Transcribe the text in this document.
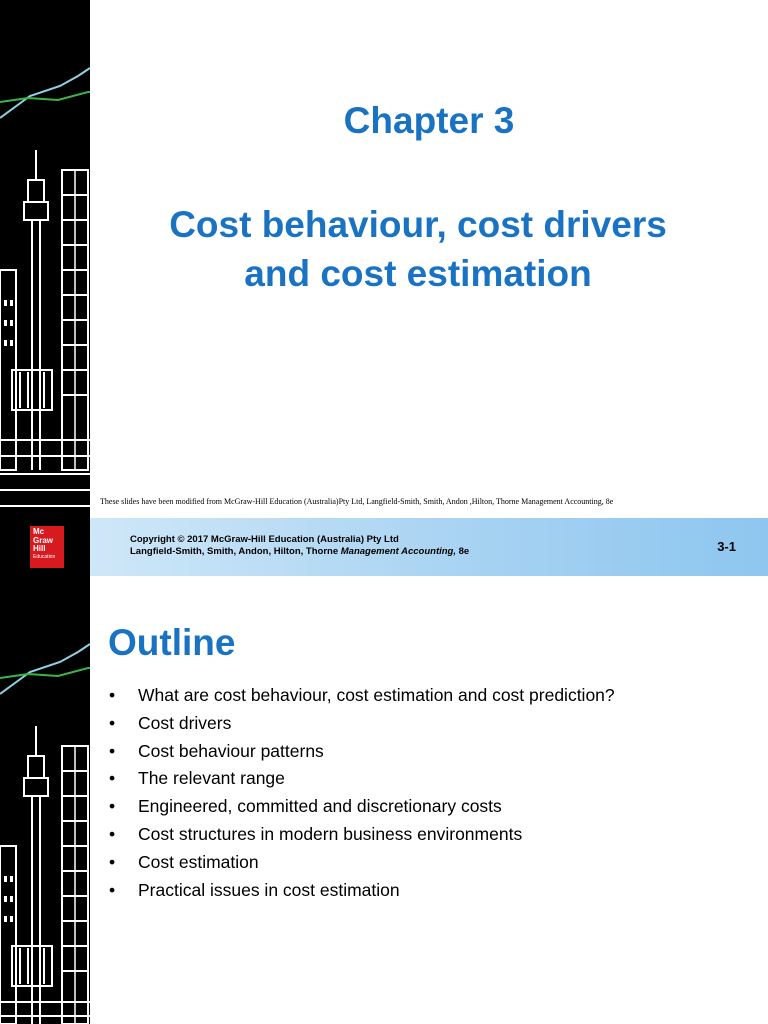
Chapter 3
Cost behaviour, cost drivers
and cost estimation
These slides have been modified from McGraw-Hill Education (Australia)Pty Ltd, Langfield-Smith, Smith, Andon ,Hilton, Thorne Management Accounting, 8e
Mc
Graw
Hill
Education
Copyright © 2017 McGraw-Hill Education (Australia) Pty Ltd
Langfield-Smith, Smith, Andon, Hilton, Thorne Management Accounting, 8e	3-1
Outline
•	What are cost behaviour, cost estimation and cost prediction?
•	Cost drivers
•	Cost behaviour patterns
•	The relevant range
•	Engineered, committed and discretionary costs
•	Cost structures in modern business environments
•	Cost estimation
•	Practical issues in cost estimation
